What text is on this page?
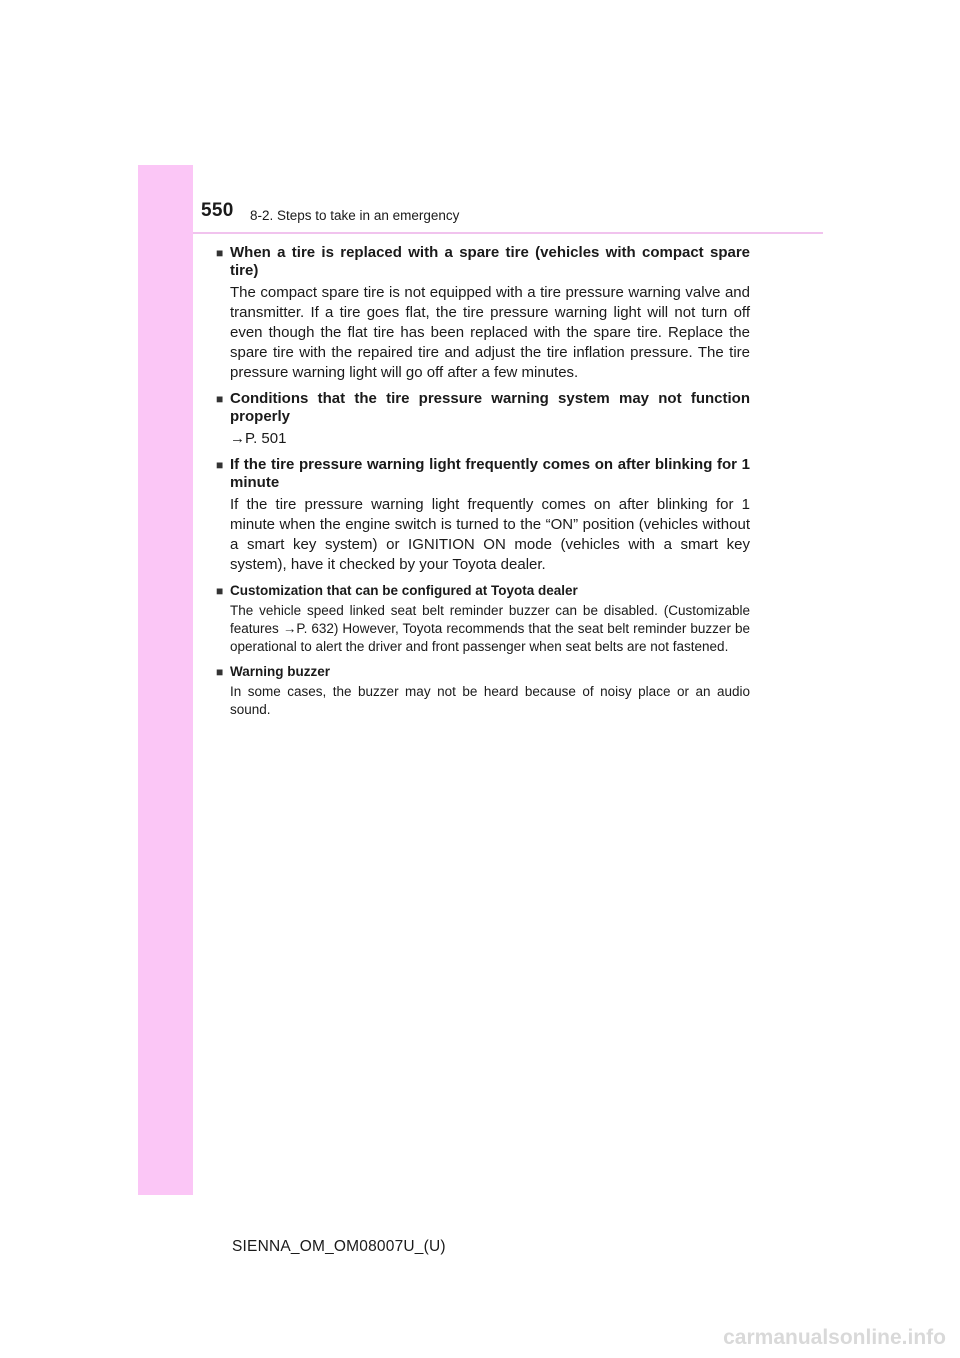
550 8-2. Steps to take in an emergency
■ When a tire is replaced with a spare tire (vehicles with compact spare tire)
The compact spare tire is not equipped with a tire pressure warning valve and transmitter. If a tire goes flat, the tire pressure warning light will not turn off even though the flat tire has been replaced with the spare tire. Replace the spare tire with the repaired tire and adjust the tire inflation pressure. The tire pressure warning light will go off after a few minutes.
■ Conditions that the tire pressure warning system may not function properly
→P. 501
■ If the tire pressure warning light frequently comes on after blinking for 1 minute
If the tire pressure warning light frequently comes on after blinking for 1 minute when the engine switch is turned to the “ON” position (vehicles without a smart key system) or IGNITION ON mode (vehicles with a smart key system), have it checked by your Toyota dealer.
■ Customization that can be configured at Toyota dealer
The vehicle speed linked seat belt reminder buzzer can be disabled. (Customizable features →P. 632) However, Toyota recommends that the seat belt reminder buzzer be operational to alert the driver and front passenger when seat belts are not fastened.
■ Warning buzzer
In some cases, the buzzer may not be heard because of noisy place or an audio sound.
SIENNA_OM_OM08007U_(U)
carmanualsonline.info
